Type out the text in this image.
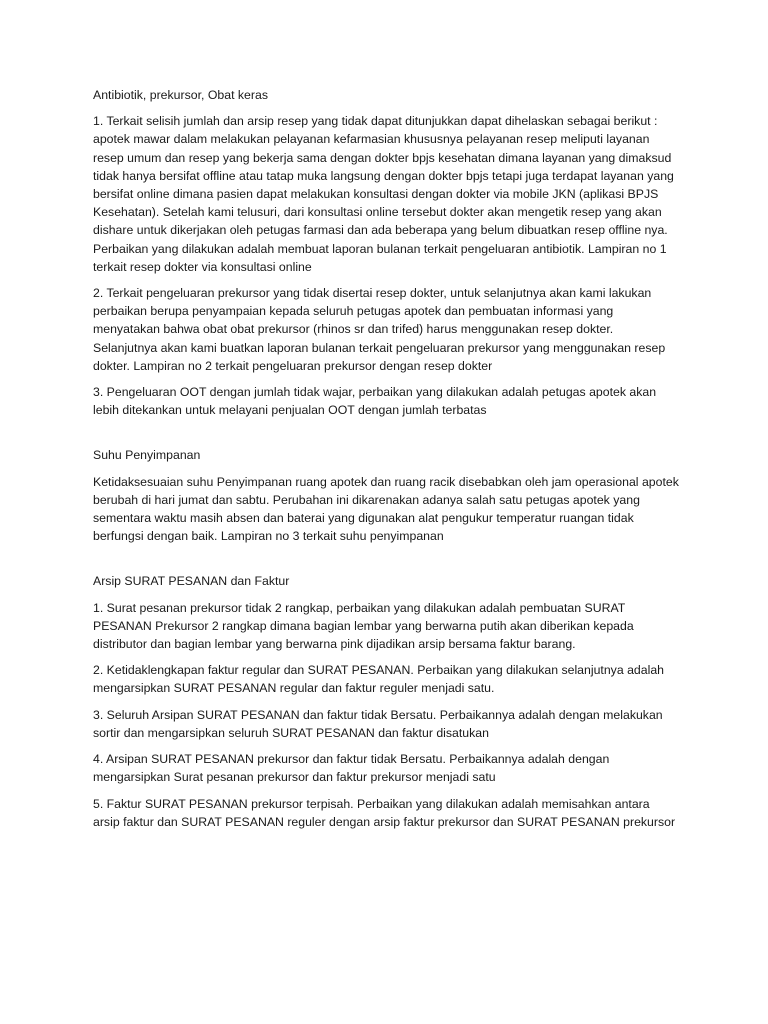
Antibiotik, prekursor, Obat keras

1. Terkait selisih jumlah dan arsip resep yang tidak dapat ditunjukkan dapat dihelaskan sebagai berikut : apotek mawar dalam melakukan pelayanan kefarmasian khususnya pelayanan resep meliputi layanan resep umum dan resep yang bekerja sama dengan dokter bpjs kesehatan dimana layanan yang dimaksud tidak hanya bersifat offline atau tatap muka langsung dengan dokter bpjs tetapi juga terdapat layanan yang bersifat online dimana pasien dapat melakukan konsultasi dengan dokter via mobile JKN (aplikasi BPJS Kesehatan). Setelah kami telusuri, dari konsultasi online tersebut dokter akan mengetik resep yang akan dishare untuk dikerjakan oleh petugas farmasi dan ada beberapa yang belum dibuatkan resep offline nya. Perbaikan yang dilakukan adalah membuat laporan bulanan terkait pengeluaran antibiotik. Lampiran no 1 terkait resep dokter via konsultasi online

2. Terkait pengeluaran prekursor yang tidak disertai resep dokter, untuk selanjutnya akan kami lakukan perbaikan berupa penyampaian kepada seluruh petugas apotek dan pembuatan informasi yang menyatakan bahwa obat obat prekursor (rhinos sr dan trifed) harus menggunakan resep dokter. Selanjutnya akan kami buatkan laporan bulanan terkait pengeluaran prekursor yang menggunakan resep dokter. Lampiran no 2 terkait pengeluaran prekursor dengan resep dokter

3. Pengeluaran OOT dengan jumlah tidak wajar, perbaikan yang dilakukan adalah petugas apotek akan lebih ditekankan untuk melayani penjualan OOT dengan jumlah terbatas

Suhu Penyimpanan

Ketidaksesuaian suhu Penyimpanan ruang apotek dan ruang racik disebabkan oleh jam operasional apotek berubah di hari jumat dan sabtu. Perubahan ini dikarenakan adanya salah satu petugas apotek yang sementara waktu masih absen dan baterai yang digunakan alat pengukur temperatur ruangan tidak berfungsi dengan baik. Lampiran no 3 terkait suhu penyimpanan

Arsip SURAT PESANAN dan Faktur

1. Surat pesanan prekursor tidak 2 rangkap, perbaikan yang dilakukan adalah pembuatan SURAT PESANAN Prekursor 2 rangkap dimana bagian lembar yang berwarna putih akan diberikan kepada distributor dan bagian lembar yang berwarna pink dijadikan arsip bersama faktur barang.

2. Ketidaklengkapan faktur regular dan SURAT PESANAN. Perbaikan yang dilakukan selanjutnya adalah mengarsipkan SURAT PESANAN regular dan faktur reguler menjadi satu.

3. Seluruh Arsipan SURAT PESANAN dan faktur tidak Bersatu. Perbaikannya adalah dengan melakukan sortir dan mengarsipkan seluruh SURAT PESANAN dan faktur disatukan

4. Arsipan SURAT PESANAN prekursor dan faktur tidak Bersatu. Perbaikannya adalah dengan mengarsipkan Surat pesanan prekursor dan faktur prekursor menjadi satu

5. Faktur SURAT PESANAN prekursor terpisah. Perbaikan yang dilakukan adalah memisahkan antara arsip faktur dan SURAT PESANAN reguler dengan arsip faktur prekursor dan SURAT PESANAN prekursor
